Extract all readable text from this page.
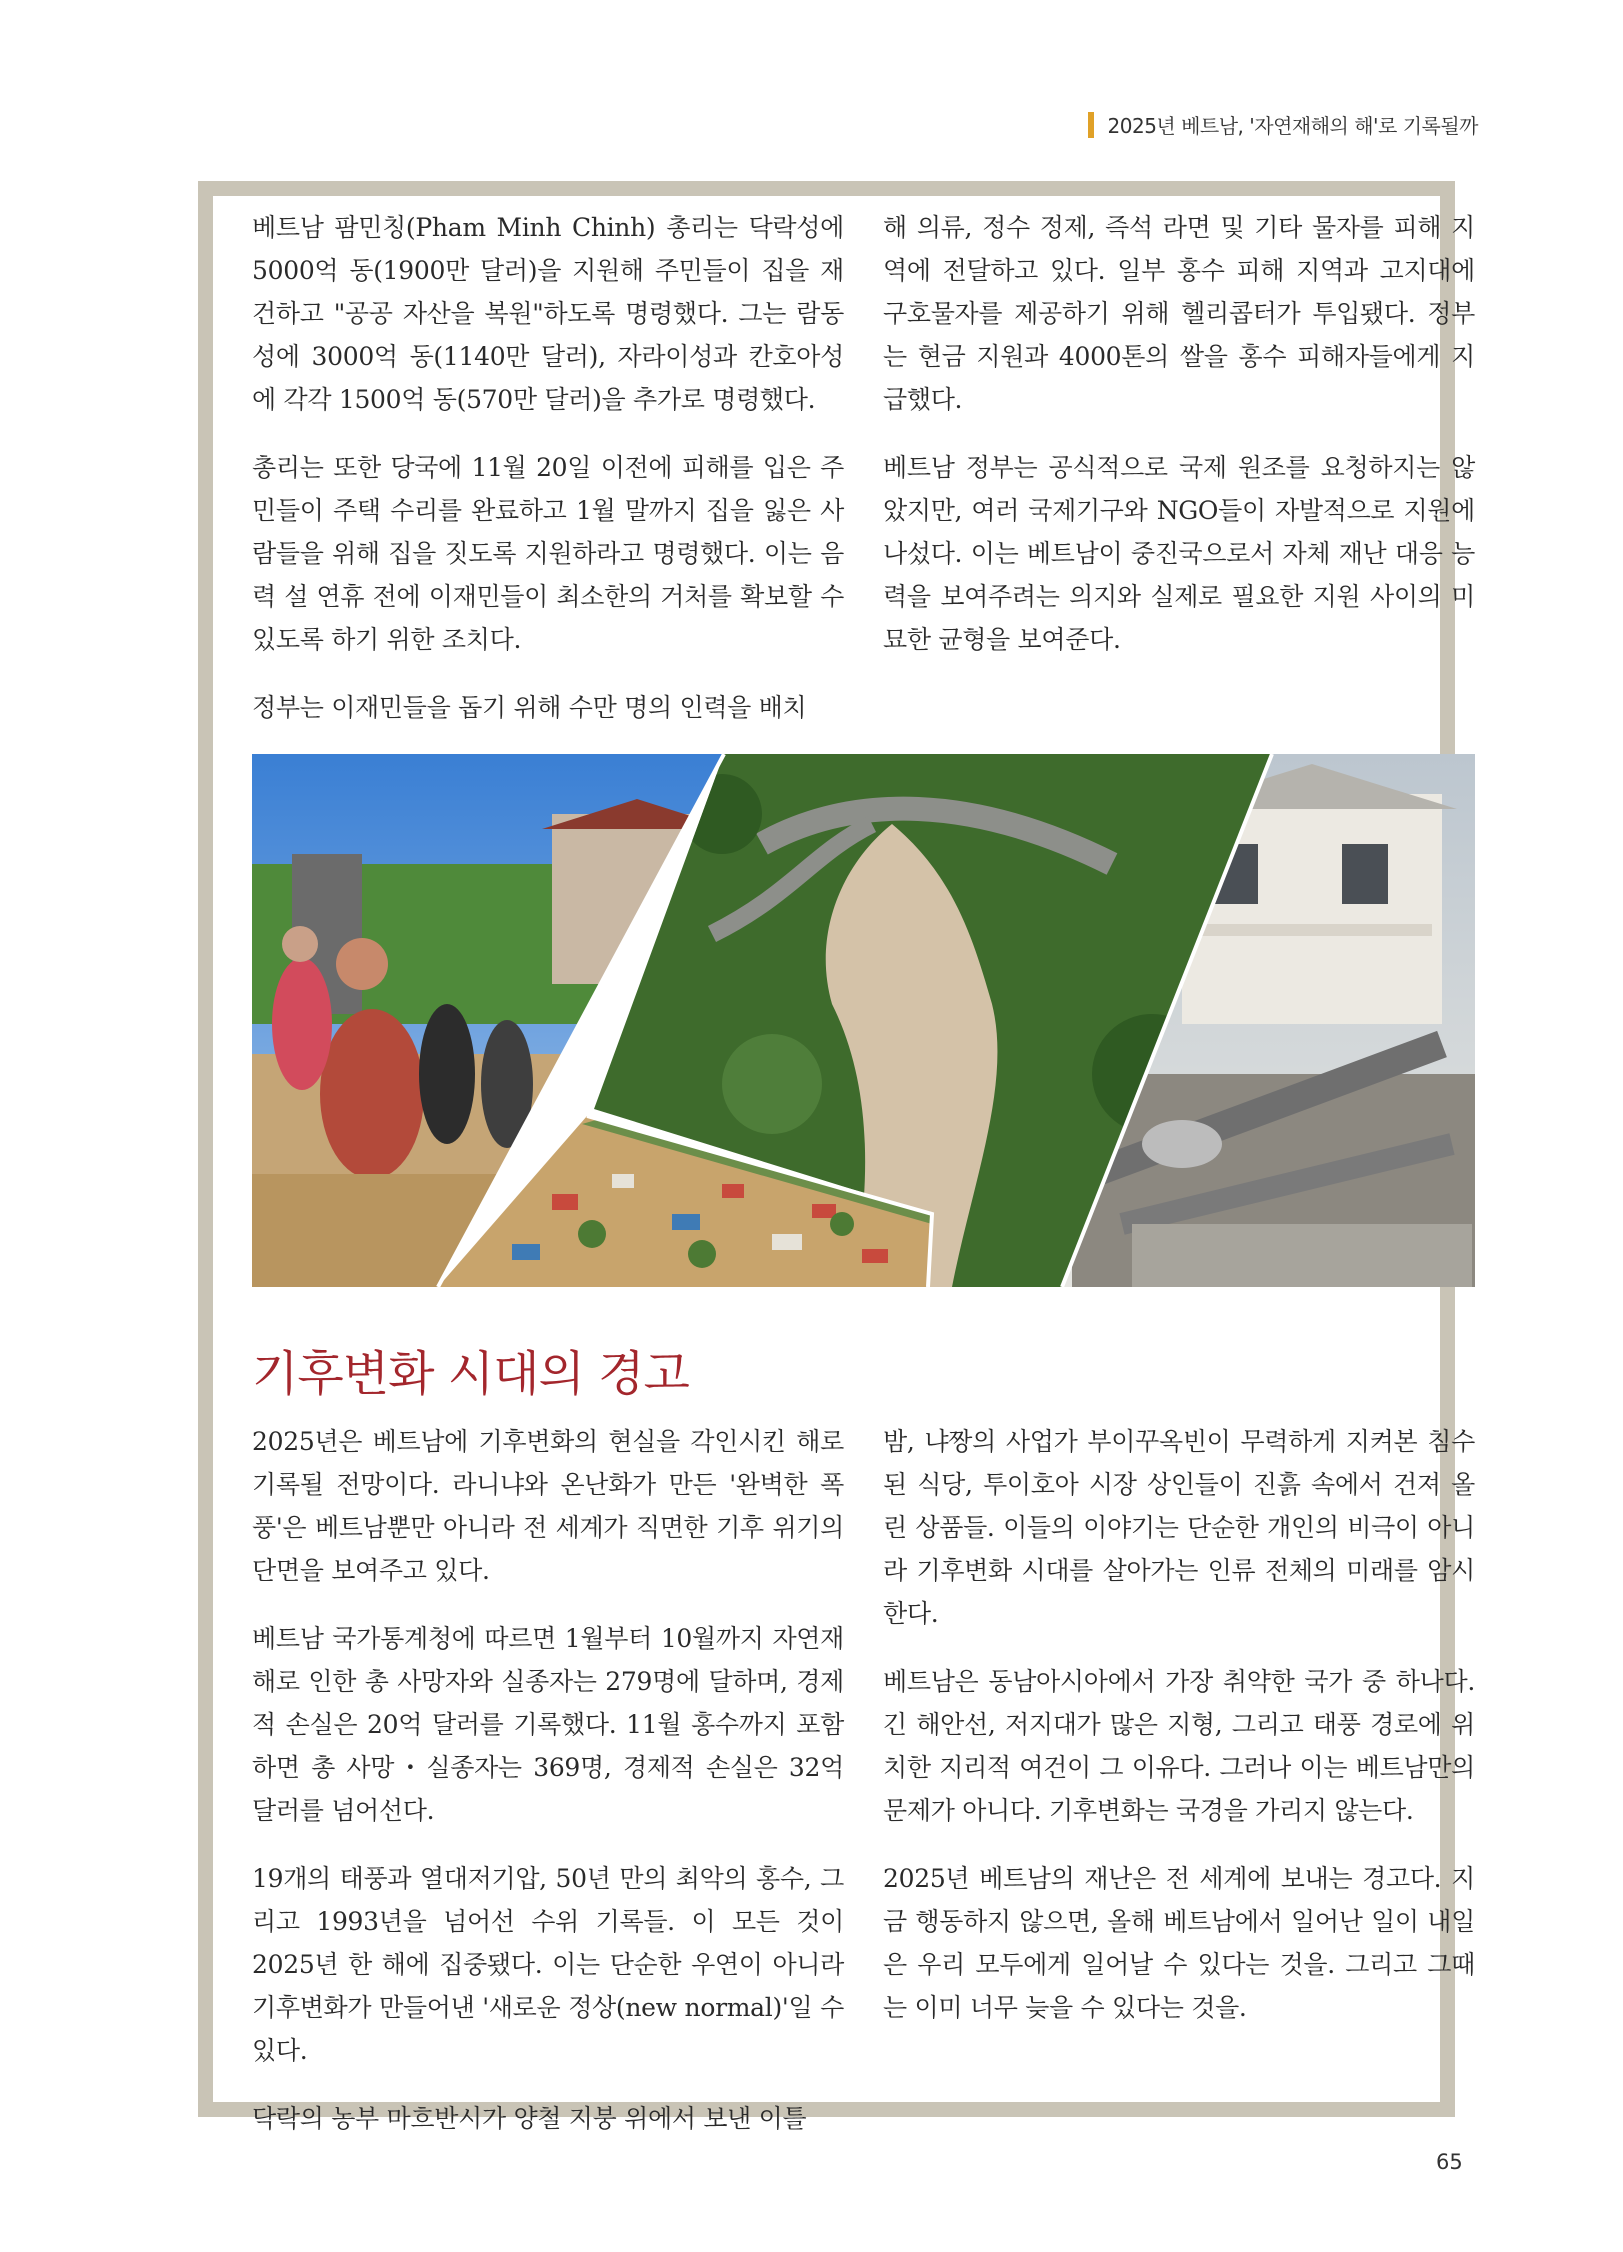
2025년 베트남, '자연재해의 해'로 기록될까

베트남 팜민칭(Pham Minh Chinh) 총리는 닥락성에 5000억 동(1900만 달러)을 지원해 주민들이 집을 재건하고 "공공 자산을 복원"하도록 명령했다. 그는 람동성에 3000억 동(1140만 달러), 자라이성과 칸호아성에 각각 1500억 동(570만 달러)을 추가로 명령했다.

총리는 또한 당국에 11월 20일 이전에 피해를 입은 주민들이 주택 수리를 완료하고 1월 말까지 집을 잃은 사람들을 위해 집을 짓도록 지원하라고 명령했다. 이는 음력 설 연휴 전에 이재민들이 최소한의 거처를 확보할 수 있도록 하기 위한 조치다.

정부는 이재민들을 돕기 위해 수만 명의 인력을 배치

해 의류, 정수 정제, 즉석 라면 및 기타 물자를 피해 지역에 전달하고 있다. 일부 홍수 피해 지역과 고지대에 구호물자를 제공하기 위해 헬리콥터가 투입됐다. 정부는 현금 지원과 4000톤의 쌀을 홍수 피해자들에게 지급했다.

베트남 정부는 공식적으로 국제 원조를 요청하지는 않았지만, 여러 국제기구와 NGO들이 자발적으로 지원에 나섰다. 이는 베트남이 중진국으로서 자체 재난 대응 능력을 보여주려는 의지와 실제로 필요한 지원 사이의 미묘한 균형을 보여준다.

기후변화 시대의 경고

2025년은 베트남에 기후변화의 현실을 각인시킨 해로 기록될 전망이다. 라니냐와 온난화가 만든 '완벽한 폭풍'은 베트남뿐만 아니라 전 세계가 직면한 기후 위기의 단면을 보여주고 있다.

베트남 국가통계청에 따르면 1월부터 10월까지 자연재해로 인한 총 사망자와 실종자는 279명에 달하며, 경제적 손실은 20억 달러를 기록했다. 11월 홍수까지 포함하면 총 사망・실종자는 369명, 경제적 손실은 32억 달러를 넘어선다.

19개의 태풍과 열대저기압, 50년 만의 최악의 홍수, 그리고 1993년을 넘어선 수위 기록들. 이 모든 것이 2025년 한 해에 집중됐다. 이는 단순한 우연이 아니라 기후변화가 만들어낸 '새로운 정상(new normal)'일 수 있다.

닥락의 농부 마흐반시가 양철 지붕 위에서 보낸 이틀

밤, 냐짱의 사업가 부이꾸옥빈이 무력하게 지켜본 침수된 식당, 투이호아 시장 상인들이 진흙 속에서 건져 올린 상품들. 이들의 이야기는 단순한 개인의 비극이 아니라 기후변화 시대를 살아가는 인류 전체의 미래를 암시한다.

베트남은 동남아시아에서 가장 취약한 국가 중 하나다. 긴 해안선, 저지대가 많은 지형, 그리고 태풍 경로에 위치한 지리적 여건이 그 이유다. 그러나 이는 베트남만의 문제가 아니다. 기후변화는 국경을 가리지 않는다.

2025년 베트남의 재난은 전 세계에 보내는 경고다. 지금 행동하지 않으면, 올해 베트남에서 일어난 일이 내일은 우리 모두에게 일어날 수 있다는 것을. 그리고 그때는 이미 너무 늦을 수 있다는 것을.

65
